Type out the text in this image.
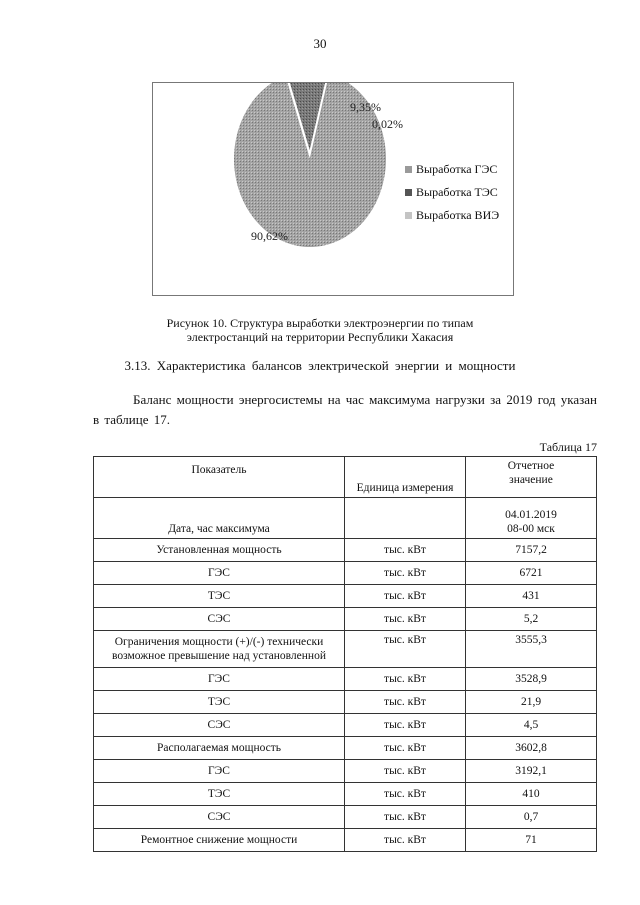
30
90,62%
9,35%
0,02%
Выработка ГЭС
Выработка ТЭС
Выработка ВИЭ
Рисунок 10. Структура выработки электроэнергии по типам
электростанций на территории Республики Хакасия
3.13. Характеристика балансов электрической энергии и мощности
Баланс мощности энергосистемы на час максимума нагрузки за 2019 год указан в таблице 17.
Таблица 17
Показатель	Единица измерения	Отчетное
значение
Дата, час максимума		04.01.2019
08-00 мск
Установленная мощность	тыс. кВт	7157,2
ГЭС	тыс. кВт	6721
ТЭС	тыс. кВт	431
СЭС	тыс. кВт	5,2
Ограничения мощности (+)/(-) технически
возможное превышение над установленной	тыс. кВт	3555,3
ГЭС	тыс. кВт	3528,9
ТЭС	тыс. кВт	21,9
СЭС	тыс. кВт	4,5
Располагаемая мощность	тыс. кВт	3602,8
ГЭС	тыс. кВт	3192,1
ТЭС	тыс. кВт	410
СЭС	тыс. кВт	0,7
Ремонтное снижение мощности	тыс. кВт	71
